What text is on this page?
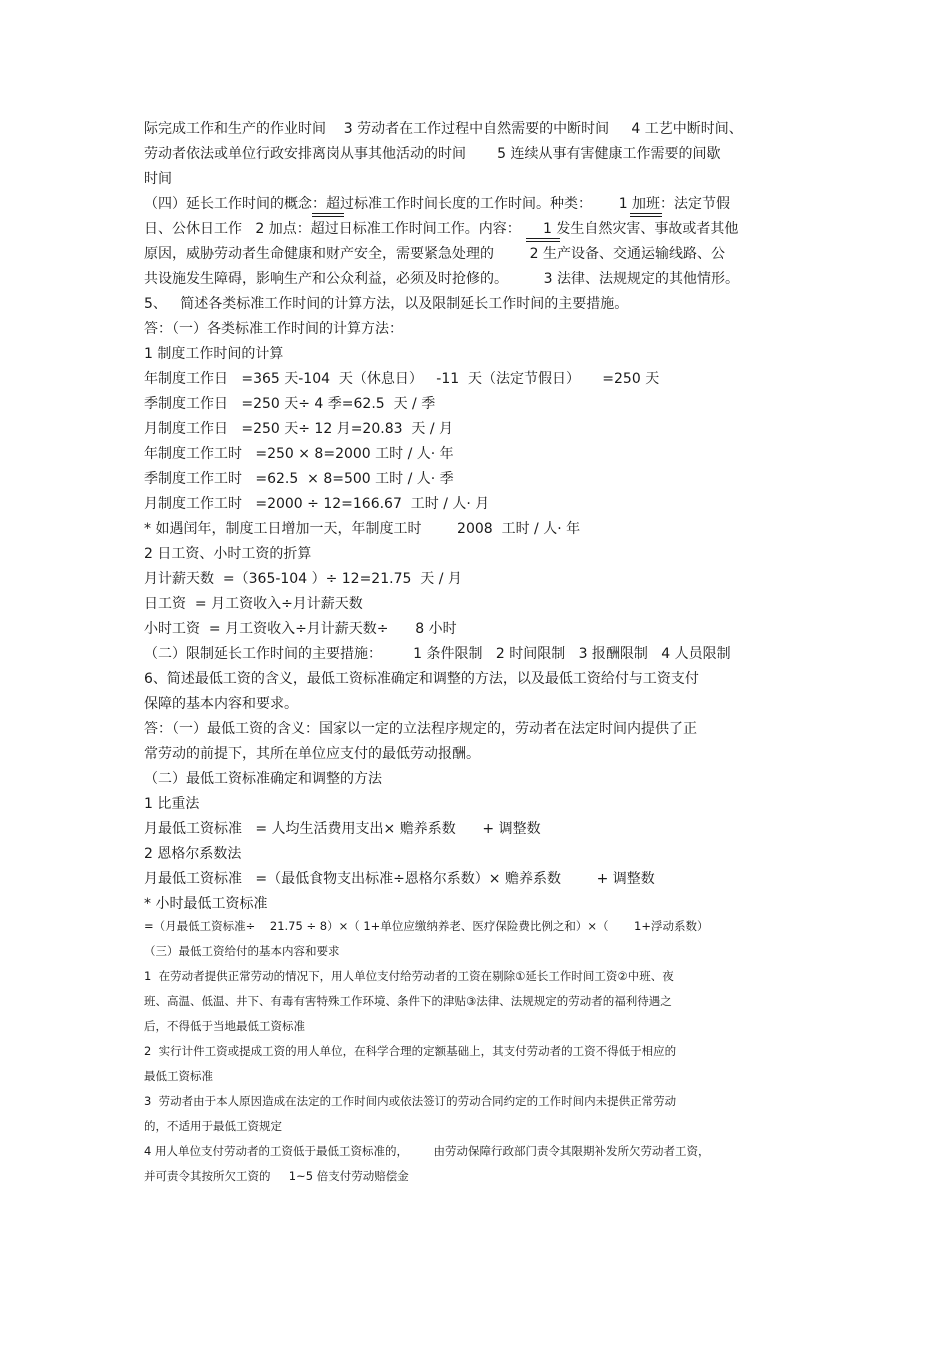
际完成工作和生产的作业时间    3 劳动者在工作过程中自然需要的中断时间     4 工艺中断时间、
劳动者依法或单位行政安排离岗从事其他活动的时间       5 连续从事有害健康工作需要的间歇
时间
（四）延长工作时间的概念：超过标准工作时间长度的工作时间。种类：      1 加班：法定节假
日、公休日工作   2 加点：超过日标准工作时间工作。内容：     1 发生自然灾害、事故或者其他
原因，威胁劳动者生命健康和财产安全，需要紧急处理的        2 生产设备、交通运输线路、公
共设施发生障碍，影响生产和公众利益，必须及时抢修的。        3 法律、法规规定的其他情形。
5、   简述各类标准工作时间的计算方法，以及限制延长工作时间的主要措施。
答：（一）各类标准工作时间的计算方法：
1 制度工作时间的计算
年制度工作日   =365 天-104  天（休息日）   -11  天（法定节假日）     =250 天
季制度工作日   =250 天÷ 4 季=62.5  天 / 季
月制度工作日   =250 天÷ 12 月=20.83  天 / 月
年制度工作工时   =250 × 8=2000 工时 / 人· 年
季制度工作工时   =62.5  × 8=500 工时 / 人· 季
月制度工作工时   =2000 ÷ 12=166.67  工时 / 人· 月
* 如遇闰年，制度工日增加一天，年制度工时        2008  工时 / 人· 年
2 日工资、小时工资的折算
月计薪天数  =（365-104 ）÷ 12=21.75  天 / 月
日工资  = 月工资收入÷月计薪天数
小时工资  = 月工资收入÷月计薪天数÷      8 小时
（二）限制延长工作时间的主要措施：       1 条件限制   2 时间限制   3 报酬限制   4 人员限制
6、简述最低工资的含义，最低工资标准确定和调整的方法，以及最低工资给付与工资支付
保障的基本内容和要求。
答：（一）最低工资的含义：国家以一定的立法程序规定的，劳动者在法定时间内提供了正
常劳动的前提下，其所在单位应支付的最低劳动报酬。
（二）最低工资标准确定和调整的方法
1 比重法
月最低工资标准   = 人均生活费用支出× 赡养系数      + 调整数
2 恩格尔系数法
月最低工资标准   =（最低食物支出标准÷恩格尔系数）× 赡养系数        + 调整数
* 小时最低工资标准
=（月最低工资标准÷    21.75 ÷ 8）×（ 1+单位应缴纳养老、医疗保险费比例之和）×（       1+浮动系数）
（三）最低工资给付的基本内容和要求
1  在劳动者提供正常劳动的情况下，用人单位支付给劳动者的工资在剔除①延长工作时间工资②中班、夜
班、高温、低温、井下、有毒有害特殊工作环境、条件下的津贴③法律、法规规定的劳动者的福利待遇之
后，不得低于当地最低工资标准
2  实行计件工资或提成工资的用人单位，在科学合理的定额基础上，其支付劳动者的工资不得低于相应的
最低工资标准
3  劳动者由于本人原因造成在法定的工作时间内或依法签订的劳动合同约定的工作时间内未提供正常劳动
的，不适用于最低工资规定
4 用人单位支付劳动者的工资低于最低工资标准的，       由劳动保障行政部门责令其限期补发所欠劳动者工资，
并可责令其按所欠工资的     1~5 倍支付劳动赔偿金
